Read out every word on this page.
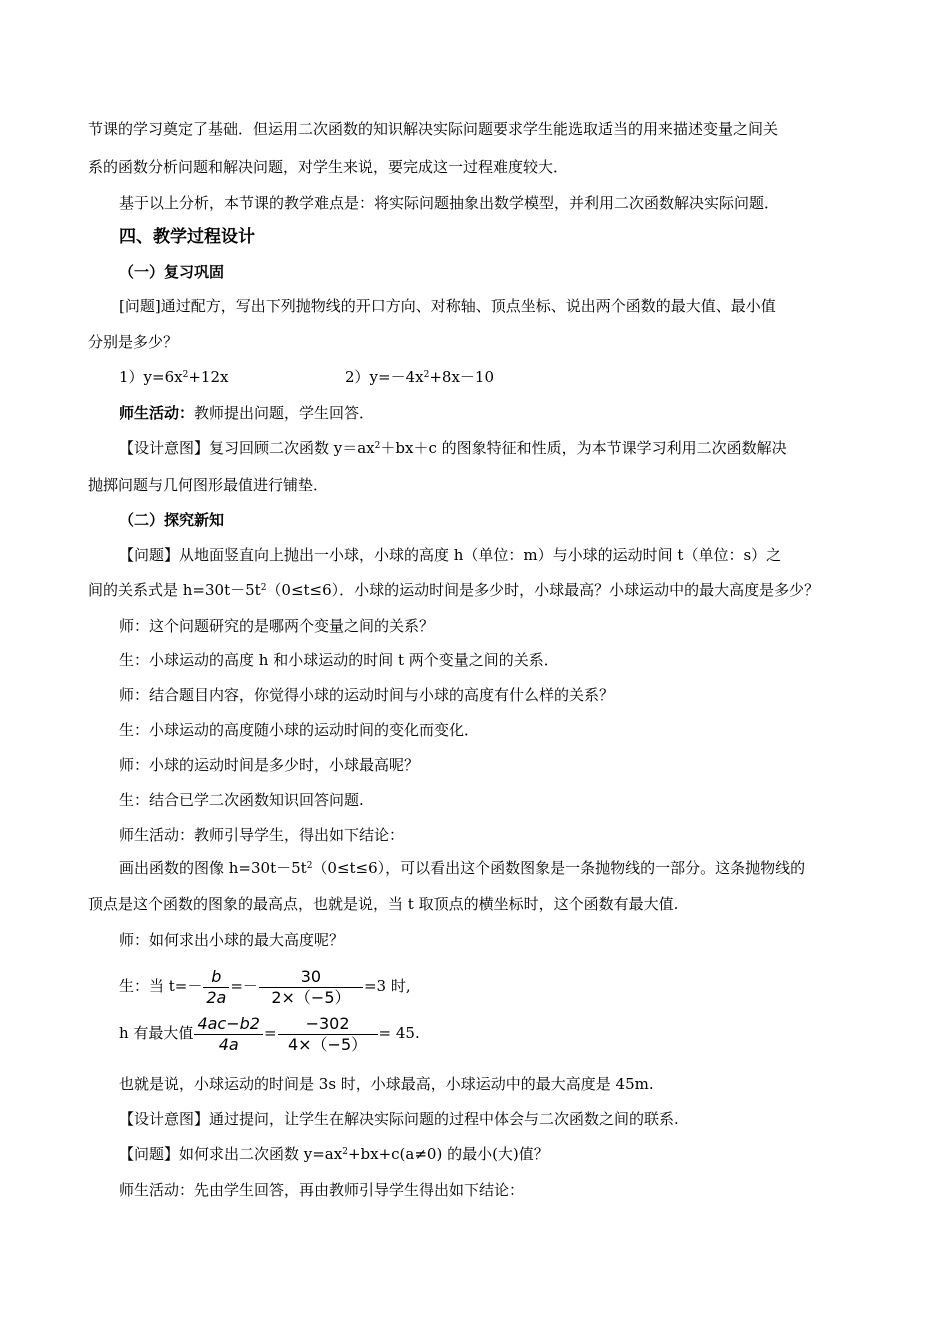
节课的学习奠定了基础．但运用二次函数的知识解决实际问题要求学生能选取适当的用来描述变量之间关
系的函数分析问题和解决问题，对学生来说，要完成这一过程难度较大．
基于以上分析，本节课的教学难点是：将实际问题抽象出数学模型，并利用二次函数解决实际问题．
四、教学过程设计
（一）复习巩固
[问题]通过配方，写出下列抛物线的开口方向、对称轴、顶点坐标、说出两个函数的最大值、最小值
分别是多少？
$1)y=6x^2+12x$	$2)y=-4x^2+8x-10$
师生活动：教师提出问题，学生回答．
【设计意图】复习回顾二次函数 $y=ax^2+bx+c$ 的图象特征和性质，为本节课学习利用二次函数解决
抛掷问题与几何图形最值进行铺垫．
（二）探究新知
【问题】从地面竖直向上抛出一小球，小球的高度 h（单位：m）与小球的运动时间 t（单位：s）之
间的关系式是 $h=30t-5t^2(0\le t\le 6)$．小球的运动时间是多少时，小球最高？小球运动中的最大高度是多少？
师：这个问题研究的是哪两个变量之间的关系？
生：小球运动的高度 h 和小球运动的时间 t 两个变量之间的关系．
师：结合题目内容，你觉得小球的运动时间与小球的高度有什么样的关系？
生：小球运动的高度随小球的运动时间的变化而变化．
师：小球的运动时间是多少时，小球最高呢？
生：结合已学二次函数知识回答问题.
师生活动：教师引导学生，得出如下结论：
画出函数的图像 $h=30t-5t^2(0\le t\le 6)$，可以看出这个函数图象是一条抛物线的一部分。这条抛物线的
顶点是这个函数的图象的最高点，也就是说，当 t 取顶点的横坐标时，这个函数有最大值.
师：如何求出小球的最大高度呢？
生：当 $t=- \frac{b}{2a} =- \frac{30}{2\times(-5)} =3$ 时,
h 有最大值 $\frac{4ac-b2}{4a} = \frac{-302}{4\times(-5)} = 45$.
也就是说，小球运动的时间是 3s 时，小球最高，小球运动中的最大高度是 45m.
【设计意图】通过提问，让学生在解决实际问题的过程中体会与二次函数之间的联系.
【问题】如何求出二次函数 $y=ax^2+bx+c(a\ne 0)$ 的最小(大)值？
师生活动：先由学生回答，再由教师引导学生得出如下结论：
